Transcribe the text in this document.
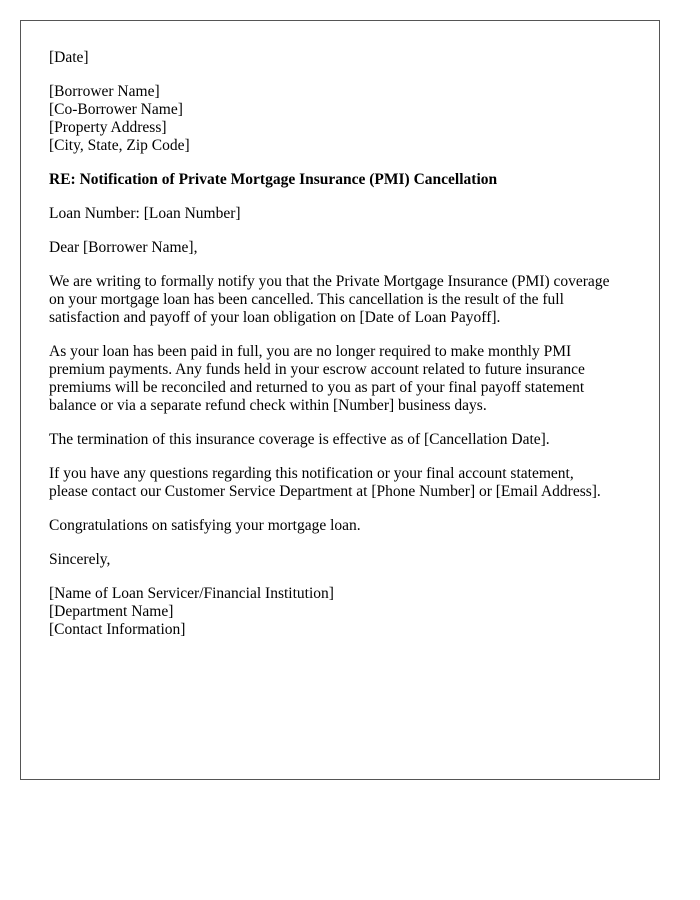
[Date]
[Borrower Name]
[Co-Borrower Name]
[Property Address]
[City, State, Zip Code]
RE: Notification of Private Mortgage Insurance (PMI) Cancellation
Loan Number: [Loan Number]
Dear [Borrower Name],
We are writing to formally notify you that the Private Mortgage Insurance (PMI) coverage
on your mortgage loan has been cancelled. This cancellation is the result of the full
satisfaction and payoff of your loan obligation on [Date of Loan Payoff].
As your loan has been paid in full, you are no longer required to make monthly PMI
premium payments. Any funds held in your escrow account related to future insurance
premiums will be reconciled and returned to you as part of your final payoff statement
balance or via a separate refund check within [Number] business days.
The termination of this insurance coverage is effective as of [Cancellation Date].
If you have any questions regarding this notification or your final account statement,
please contact our Customer Service Department at [Phone Number] or [Email Address].
Congratulations on satisfying your mortgage loan.
Sincerely,
[Name of Loan Servicer/Financial Institution]
[Department Name]
[Contact Information]
